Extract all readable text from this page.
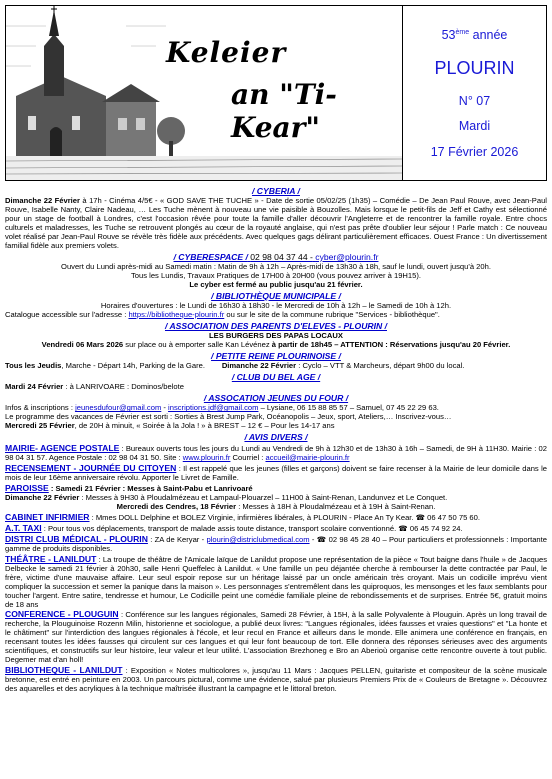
Keleier
an "Ti-Kear"
53ème année
PLOURIN
N° 07
Mardi
17 Février 2026
/ CYBERIA /

Dimanche 22 Février à 17h - Cinéma 4/5€ - « GOD SAVE THE TUCHE » - Date de sortie 05/02/25 (1h35) – Comédie – De Jean Paul Rouve, avec Jean-Paul Rouve, Isabelle Nanty, Claire Nadeau, … Les Tuche mènent à nouveau une vie paisible à Bouzolles. Mais lorsque le petit-fils de Jeff et Cathy est sélectionné pour un stage de football à Londres, c'est l'occasion rêvée pour toute la famille d'aller découvrir l'Angleterre et de rencontrer la famille royale. Entre chocs culturels et maladresses, les Tuche se retrouvent plongés au cœur de la royauté anglaise, qui n'est pas prête d'oublier leur séjour ! Parle match : Ce nouveau volet réalisé par Jean-Paul Rouve se révèle très fidèle aux précédents. Avec quelques gags délirant particulièrement efficaces. Ouest France : Un divertissement familial fidèle aux premiers volets.

/ CYBERESPACE / 02 98 04 37 44 - cyber@plourin.fr

Ouvert du Lundi après-midi au Samedi matin : Matin de 9h à 12h – Après-midi de 13h30 à 18h, sauf le lundi, ouvert jusqu'à 20h.

Tous les Lundis, Travaux Pratiques de 17H00 à 20H00 (vous pouvez arriver à 19H15).

Le cyber est fermé au public jusqu'au 21 février.

/ BIBLIOTHÈQUE MUNICIPALE /

Horaires d'ouvertures : le Lundi de 16h30 à 18h30 - le Mercredi de 10h à 12h – le Samedi de 10h à 12h.

Catalogue accessible sur l'adresse : https://bibliotheque-plourin.fr ou sur le site de la commune rubrique "Services - bibliothèque".

/ ASSOCIATION DES PARENTS D'ELEVES - PLOURIN /

LES BURGERS DES PAPAS LOCAUX

Vendredi 06 Mars 2026 sur place ou à emporter salle Kan Lévénez à partir de 18h45 – ATTENTION : Réservations jusqu'au 20 Février.

/ PETITE REINE PLOURINOISE /

Tous les Jeudis, Marche - Départ 14h, Parking de la Gare. Dimanche 22 Février : Cyclo – VTT & Marcheurs, départ 9h00 du local.

/ CLUB DU BEL AGE /

Mardi 24 Février : à LANRIVOARE : Dominos/belote

/ ASSOCATION JEUNES DU FOUR /

Infos & inscriptions : jeunesdufour@gmail.com - inscriptions.jdf@gmail.com – Lysiane, 06 15 88 85 57 – Samuel, 07 45 22 29 63.

Le programme des vacances de Février est sorti : Sorties à Brest Jump Park, Océanopolis – Jeux, sport, Ateliers,… Inscrivez-vous…

Mercredi 25 Février, de 20H à minuit, « Soirée à la Jola ! » à BREST – 12 € – Pour les 14-17 ans

/ AVIS DIVERS /

MAIRIE- AGENCE POSTALE : Bureaux ouverts tous les jours du Lundi au Vendredi de 9h à 12h30 et de 13h30 à 16h – Samedi, de 9H à 11H30. Mairie : 02 98 04 31 57. Agence Postale : 02 98 04 31 50. Site : www.plourin.fr Courriel : accueil@mairie-plourin.fr

RECENSEMENT - JOURNÉE DU CITOYEN : Il est rappelé que les jeunes (filles et garçons) doivent se faire recenser à la Mairie de leur domicile dans le mois de leur 16ème anniversaire révolu. Apporter le Livret de Famille.

PAROISSE : Samedi 21 Février : Messes à Saint-Pabu et Lanrivoaré

Dimanche 22 Février : Messes à 9H30 à Ploudalmézeau et Lampaul-Plouarzel – 11H00 à Saint-Renan, Landunvez et Le Conquet.

Mercredi des Cendres, 18 Février : Messes à 18H à Ploudalmézeau et à 19H à Saint-Renan.

CABINET INFIRMIER : Mmes DOLL Delphine et BOLEZ Virginie, infirmières libérales, à PLOURIN - Place An Ty Kear. ☎ 06 47 50 75 60.

A.T. TAXI : Pour tous vos déplacements, transport de malade assis toute distance, transport scolaire conventionné. ☎ 06 45 74 92 24.

DISTRI CLUB MÉDICAL - PLOURIN : ZA de Keryar - plourin@districlubmedical.com - ☎ 02 98 45 28 40 – Pour particuliers et professionnels : Importante gamme de produits disponibles.

THÉÂTRE - LANILDUT : La troupe de théâtre de l'Amicale laïque de Lanildut propose une représentation de la pièce « Tout baigne dans l'huile » de Jacques Delbecke le samedi 21 février à 20h30, salle Henri Queffelec à Lanildut. « Une famille un peu déjantée cherche à rembourser la dette contractée par Paul, le frère, victime d'une mauvaise affaire. Leur seul espoir repose sur un héritage laissé par un oncle américain très croyant. Mais un codicille imprévu vient compliquer la succession et semer la panique dans la maison ». Les personnages s'entremêlent dans les quiproquos, les mensonges et les faux semblants pour toucher l'argent. Entre satire, tendresse et humour, Le Codicille peint une comédie familiale pleine de rebondissements et de surprises. Entrée 5€, gratuit moins de 18 ans

CONFERENCE - PLOUGUIN : Conférence sur les langues régionales, Samedi 28 Février, à 15H, à la salle Polyvalente à Plouguin. Après un long travail de recherche, la Plouguinoise Rozenn Milin, historienne et sociologue, a publié deux livres: "Langues régionales, idées fausses et vraies questions" et "La honte et le châtiment" sur l'interdiction des langues régionales à l'école, et leur recul en France et ailleurs dans le monde. Elle animera une conférence en français, en recensant toutes les idées fausses qui circulent sur ces langues et qui leur font beaucoup de tort. Elle donnera des réponses sérieuses avec des arguments scientifiques, et constructifs sur leur histoire, leur valeur et leur utilité. L'association Brezhoneg e Bro an Aberioù organise cette rencontre ouverte à tout public. Degemer mat d'an holl!

BIBLIOTHEQUE - LANILDUT : Exposition « Notes multicolores », jusqu'au 11 Mars : Jacques PELLEN, guitariste et compositeur de la scène musicale bretonne, est entré en peinture en 2003. Un parcours pictural, comme une évidence, salué par plusieurs Premiers Prix de « Couleurs de Bretagne ». Découvrez des aquarelles et des acryliques à la technique maîtrisée illustrant la campagne et le littoral breton.
